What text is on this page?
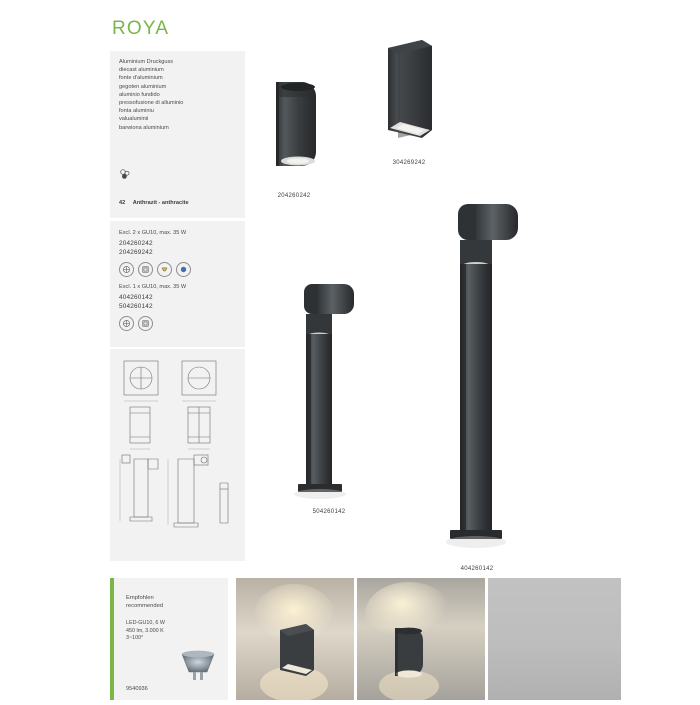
ROYA
Aluminium Druckguss
diecast aluminium
fonte d'aluminium
gegoten aluminium
aluminio fundido
pressofusione di alluminio
fonta aluminiu
valualuminii
barwiona aluminium
42 Anthrazit - anthracite
Excl. 2 x GU10, max. 35 W
204260242
204269242
Excl. 1 x GU10, max. 35 W
404260142
504260142
204260242
304269242
504260142
404260142
Empfohlen
recommended
LED-GU10, 6 W
450 lm, 3.000 K
3~100°
9540936
